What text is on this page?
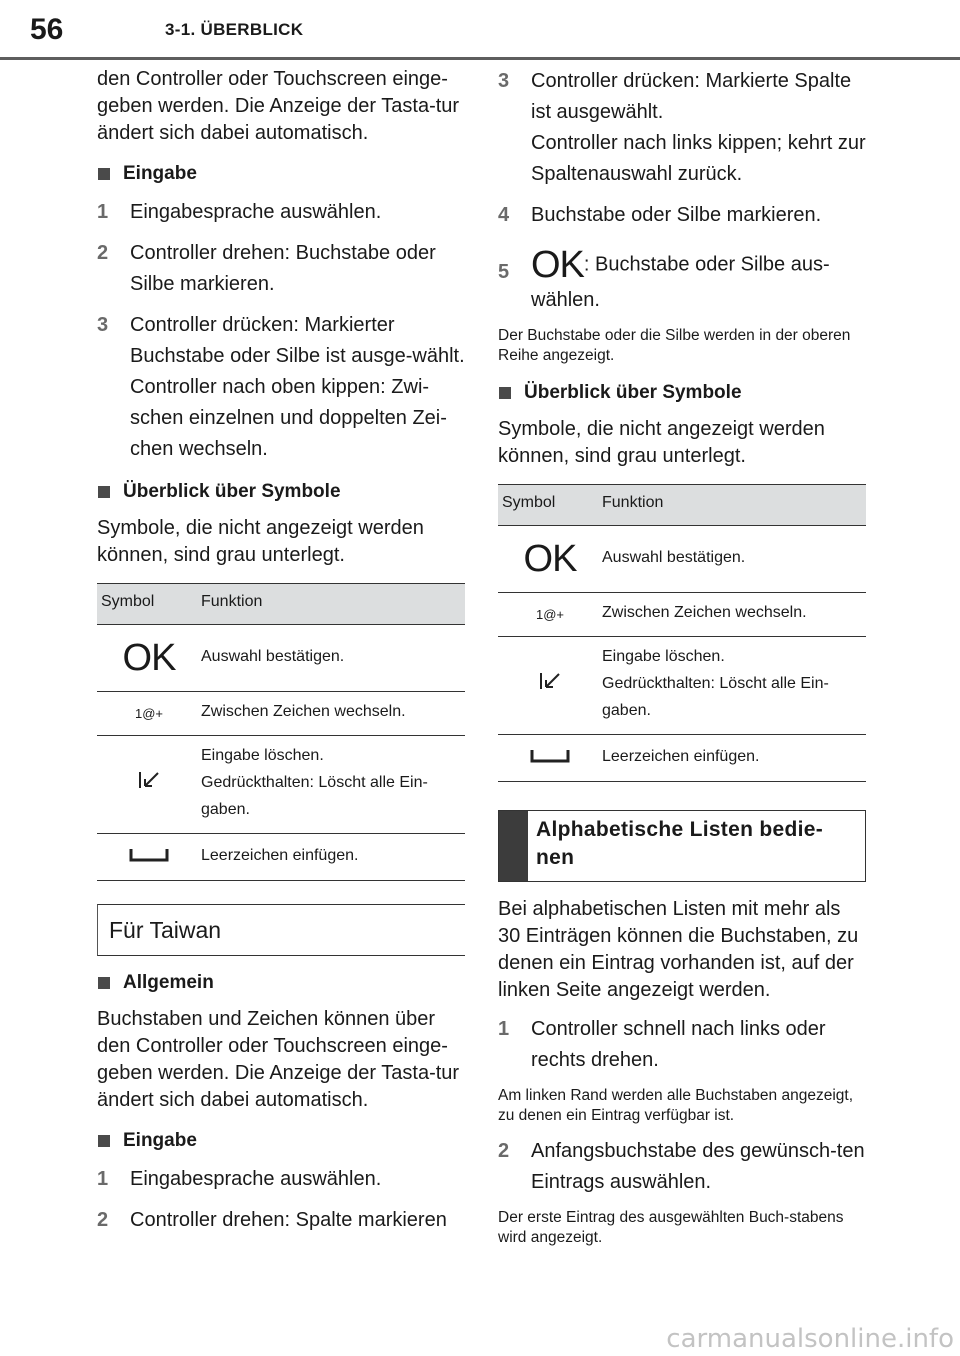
56	3-1. ÜBERBLICK

den Controller oder Touchscreen einge-geben werden. Die Anzeige der Tasta-tur ändert sich dabei automatisch.

Eingabe
1	Eingabesprache auswählen.
2	Controller drehen: Buchstabe oder Silbe markieren.
3	Controller drücken: Markierter Buchstabe oder Silbe ist ausge-wählt.
Controller nach oben kippen: Zwi-schen einzelnen und doppelten Zei-chen wechseln.
Überblick über Symbole

Symbole, die nicht angezeigt werden können, sind grau unterlegt.

Symbol	Funktion
OK	Auswahl bestätigen.
1@+	Zwischen Zeichen wechseln.
	Eingabe löschen.
Gedrückthalten: Löscht alle Ein-gaben.
	Leerzeichen einfügen.
Für Taiwan
Allgemein

Buchstaben und Zeichen können über den Controller oder Touchscreen einge-geben werden. Die Anzeige der Tasta-tur ändert sich dabei automatisch.

Eingabe
1	Eingabesprache auswählen.
2	Controller drehen: Spalte markieren
3	Controller drücken: Markierte Spalte ist ausgewählt.
Controller nach links kippen; kehrt zur Spaltenauswahl zurück.
4	Buchstabe oder Silbe markieren.
5 OK: Buchstabe oder Silbe aus-wählen.

Der Buchstabe oder die Silbe werden in der oberen Reihe angezeigt.

Überblick über Symbole

Symbole, die nicht angezeigt werden können, sind grau unterlegt.

Symbol	Funktion
OK	Auswahl bestätigen.
1@+	Zwischen Zeichen wechseln.
	Eingabe löschen.
Gedrückthalten: Löscht alle Ein-gaben.
	Leerzeichen einfügen.
Alphabetische Listen bedie-nen

Bei alphabetischen Listen mit mehr als 30 Einträgen können die Buchstaben, zu denen ein Eintrag vorhanden ist, auf der linken Seite angezeigt werden.

1	Controller schnell nach links oder rechts drehen.

Am linken Rand werden alle Buchstaben angezeigt, zu denen ein Eintrag verfügbar ist.

2	Anfangsbuchstabe des gewünsch-ten Eintrags auswählen.

Der erste Eintrag des ausgewählten Buch-stabens wird angezeigt.

carmanualsonline.info
